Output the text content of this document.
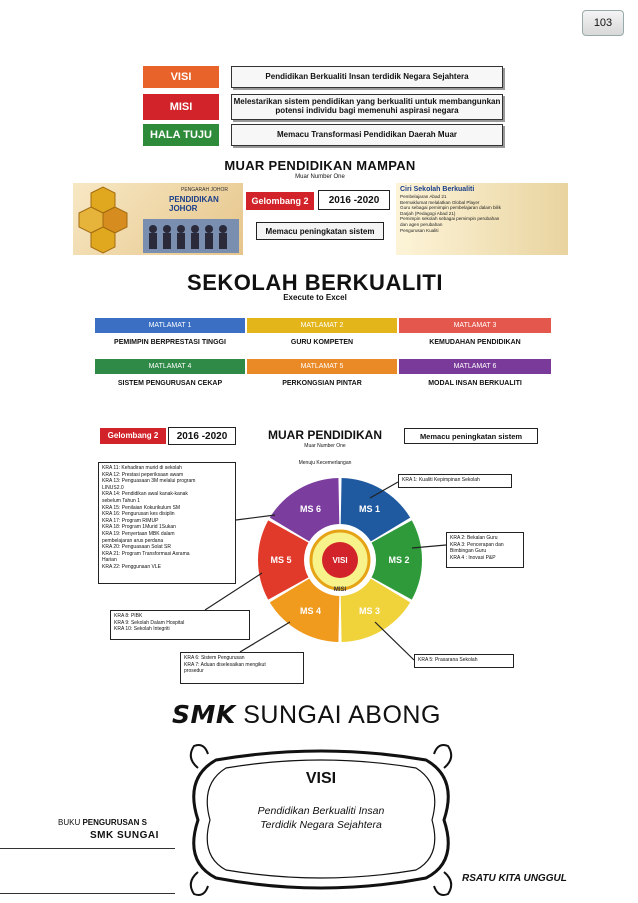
103
VISI	Pendidikan Berkualiti Insan terdidik Negara Sejahtera
MISI	Melestarikan sistem pendidikan yang berkualiti untuk membangunkan potensi individu bagi memenuhi aspirasi negara
HALA TUJU	Memacu Transformasi Pendidikan Daerah Muar
MUAR PENDIDIKAN MAMPAN
Muar Number One
PENGARAH JOHOR
PENDIDIKAN JOHOR
Gelombang 2	2016 -2020
Memacu peningkatan sistem
Ciri Sekolah Berkualiti
Pembelajaran Abad 21
Bermaklumat melalatkan Global Player
Guru sebagai pemimpin pembelajaran dalam bilik
Darjah (Pedagogi Abad 21)
Pemimpin sekolah sebagai pemimpin perubahan
dan agen perubahan
Pengurusan Kualiti
SEKOLAH BERKUALITI
Execute to Excel
MATLAMAT 1	MATLAMAT 2	MATLAMAT 3
PEMIMPIN BERPRESTASI TINGGI	GURU KOMPETEN	KEMUDAHAN PENDIDIKAN
MATLAMAT 4	MATLAMAT 5	MATLAMAT 6
SISTEM PENGURUSAN CEKAP	PERKONGSIAN PINTAR	MODAL INSAN BERKUALITI
Gelombang 2	2016 -2020	MUAR PENDIDIKAN
Muar Number One
Memacu peningkatan sistem
Menuju Kecemerlangan
MS 1
MS 2
MS 3
MS 4
MS 5
MS 6
VISI
MISI
KRA 11: Kehadiran murid di sekolah
KRA 12: Prestasi peperiksaan awam
KRA 13: Penguasaan 3M melalui program
LINUS2.0
KRA 14: Pendidikan awal kanak-kanak
sebelum Tahun 1
KRA 15: Penilaian Kokurikulum SM
KRA 16: Pengurusan kes disiplin
KRA 17: Program RIMUP
KRA 18: Program 1Murid 1Sukan
KRA 19: Penyertaan MBK dalam
pembelajaran arus perdana
KRA 20: Penguasaan Solat SR
KRA 21: Program Transformasi Asrama
Harian
KRA 22: Penggunaan VLE
KRA 8: PIBK
KRA 9: Sekolah Dalam Hospital
KRA 10: Sekolah Integriti
KRA 6: Sistem Pengurusan
KRA 7: Aduan diselesaikan mengikut
prosedur
KRA 1: Kualiti Kepimpinan Sekolah
KRA 2: Bekalan Guru
KRA 3: Pencerapan dan
Bimbingan Guru
KRA 4 : Inovasi P&P
KRA 5: Prasarana Sekolah
SMK SUNGAI ABONG
BUKU PENGURUSAN S
SMK SUNGAI
RSATU KITA UNGGUL
VISI
Pendidikan Berkualiti Insan
Terdidik Negara Sejahtera
